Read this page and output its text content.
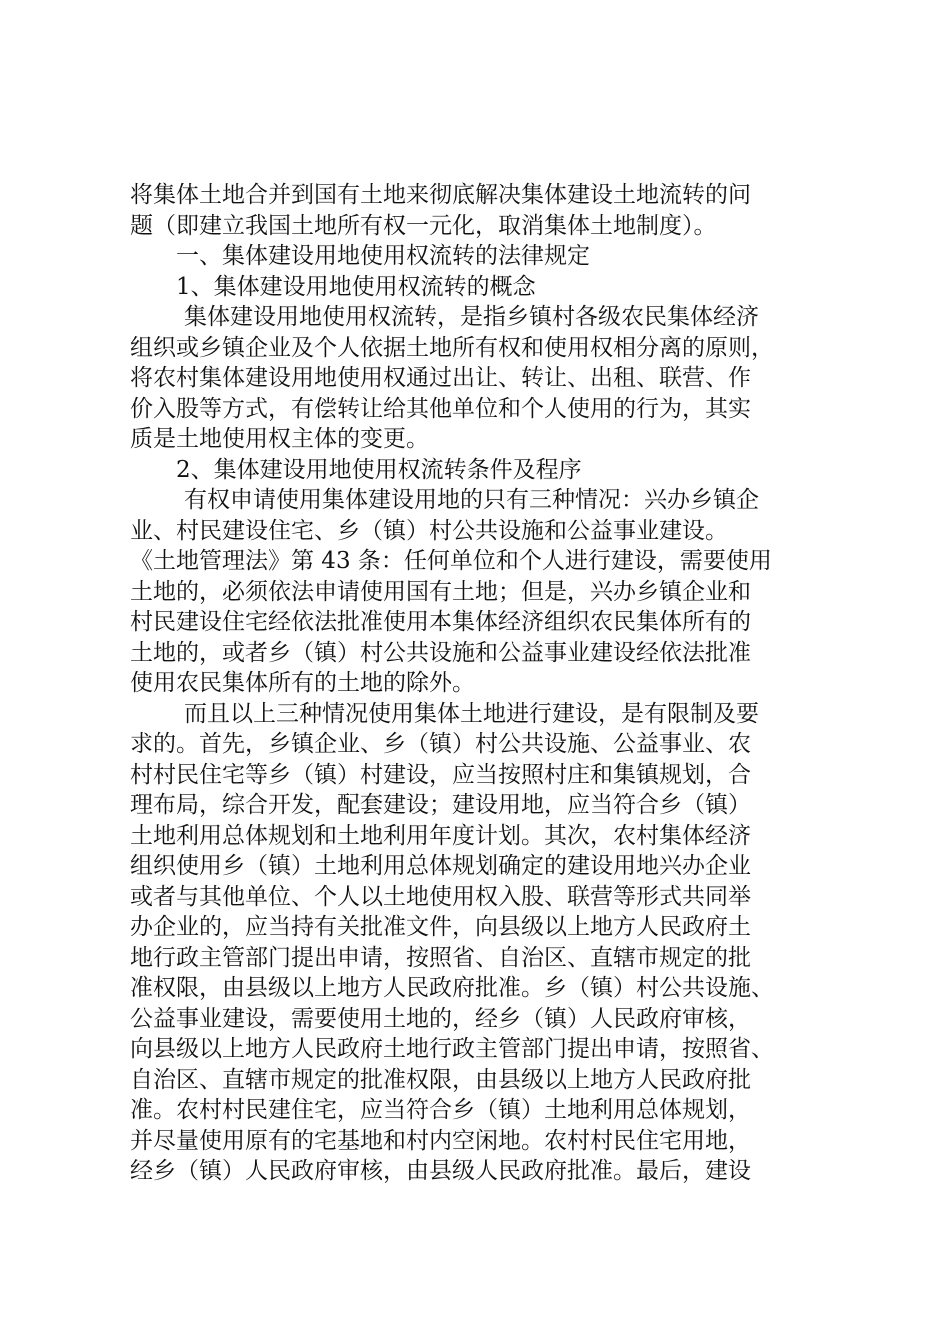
将集体土地合并到国有土地来彻底解决集体建设土地流转的问
题（即建立我国土地所有权一元化，取消集体土地制度）。
一、集体建设用地使用权流转的法律规定
1、集体建设用地使用权流转的概念
集体建设用地使用权流转，是指乡镇村各级农民集体经济
组织或乡镇企业及个人依据土地所有权和使用权相分离的原则，
将农村集体建设用地使用权通过出让、转让、出租、联营、作
价入股等方式，有偿转让给其他单位和个人使用的行为，其实
质是土地使用权主体的变更。
2、集体建设用地使用权流转条件及程序
有权申请使用集体建设用地的只有三种情况：兴办乡镇企
业、村民建设住宅、乡（镇）村公共设施和公益事业建设。
《土地管理法》第 43 条：任何单位和个人进行建设，需要使用
土地的，必须依法申请使用国有土地；但是，兴办乡镇企业和
村民建设住宅经依法批准使用本集体经济组织农民集体所有的
土地的，或者乡（镇）村公共设施和公益事业建设经依法批准
使用农民集体所有的土地的除外。
而且以上三种情况使用集体土地进行建设，是有限制及要
求的。首先，乡镇企业、乡（镇）村公共设施、公益事业、农
村村民住宅等乡（镇）村建设，应当按照村庄和集镇规划，合
理布局，综合开发，配套建设；建设用地，应当符合乡（镇）
土地利用总体规划和土地利用年度计划。其次，农村集体经济
组织使用乡（镇）土地利用总体规划确定的建设用地兴办企业
或者与其他单位、个人以土地使用权入股、联营等形式共同举
办企业的，应当持有关批准文件，向县级以上地方人民政府土
地行政主管部门提出申请，按照省、自治区、直辖市规定的批
准权限，由县级以上地方人民政府批准。乡（镇）村公共设施、
公益事业建设，需要使用土地的，经乡（镇）人民政府审核，
向县级以上地方人民政府土地行政主管部门提出申请，按照省、
自治区、直辖市规定的批准权限，由县级以上地方人民政府批
准。农村村民建住宅，应当符合乡（镇）土地利用总体规划，
并尽量使用原有的宅基地和村内空闲地。农村村民住宅用地，
经乡（镇）人民政府审核，由县级人民政府批准。最后，建设
